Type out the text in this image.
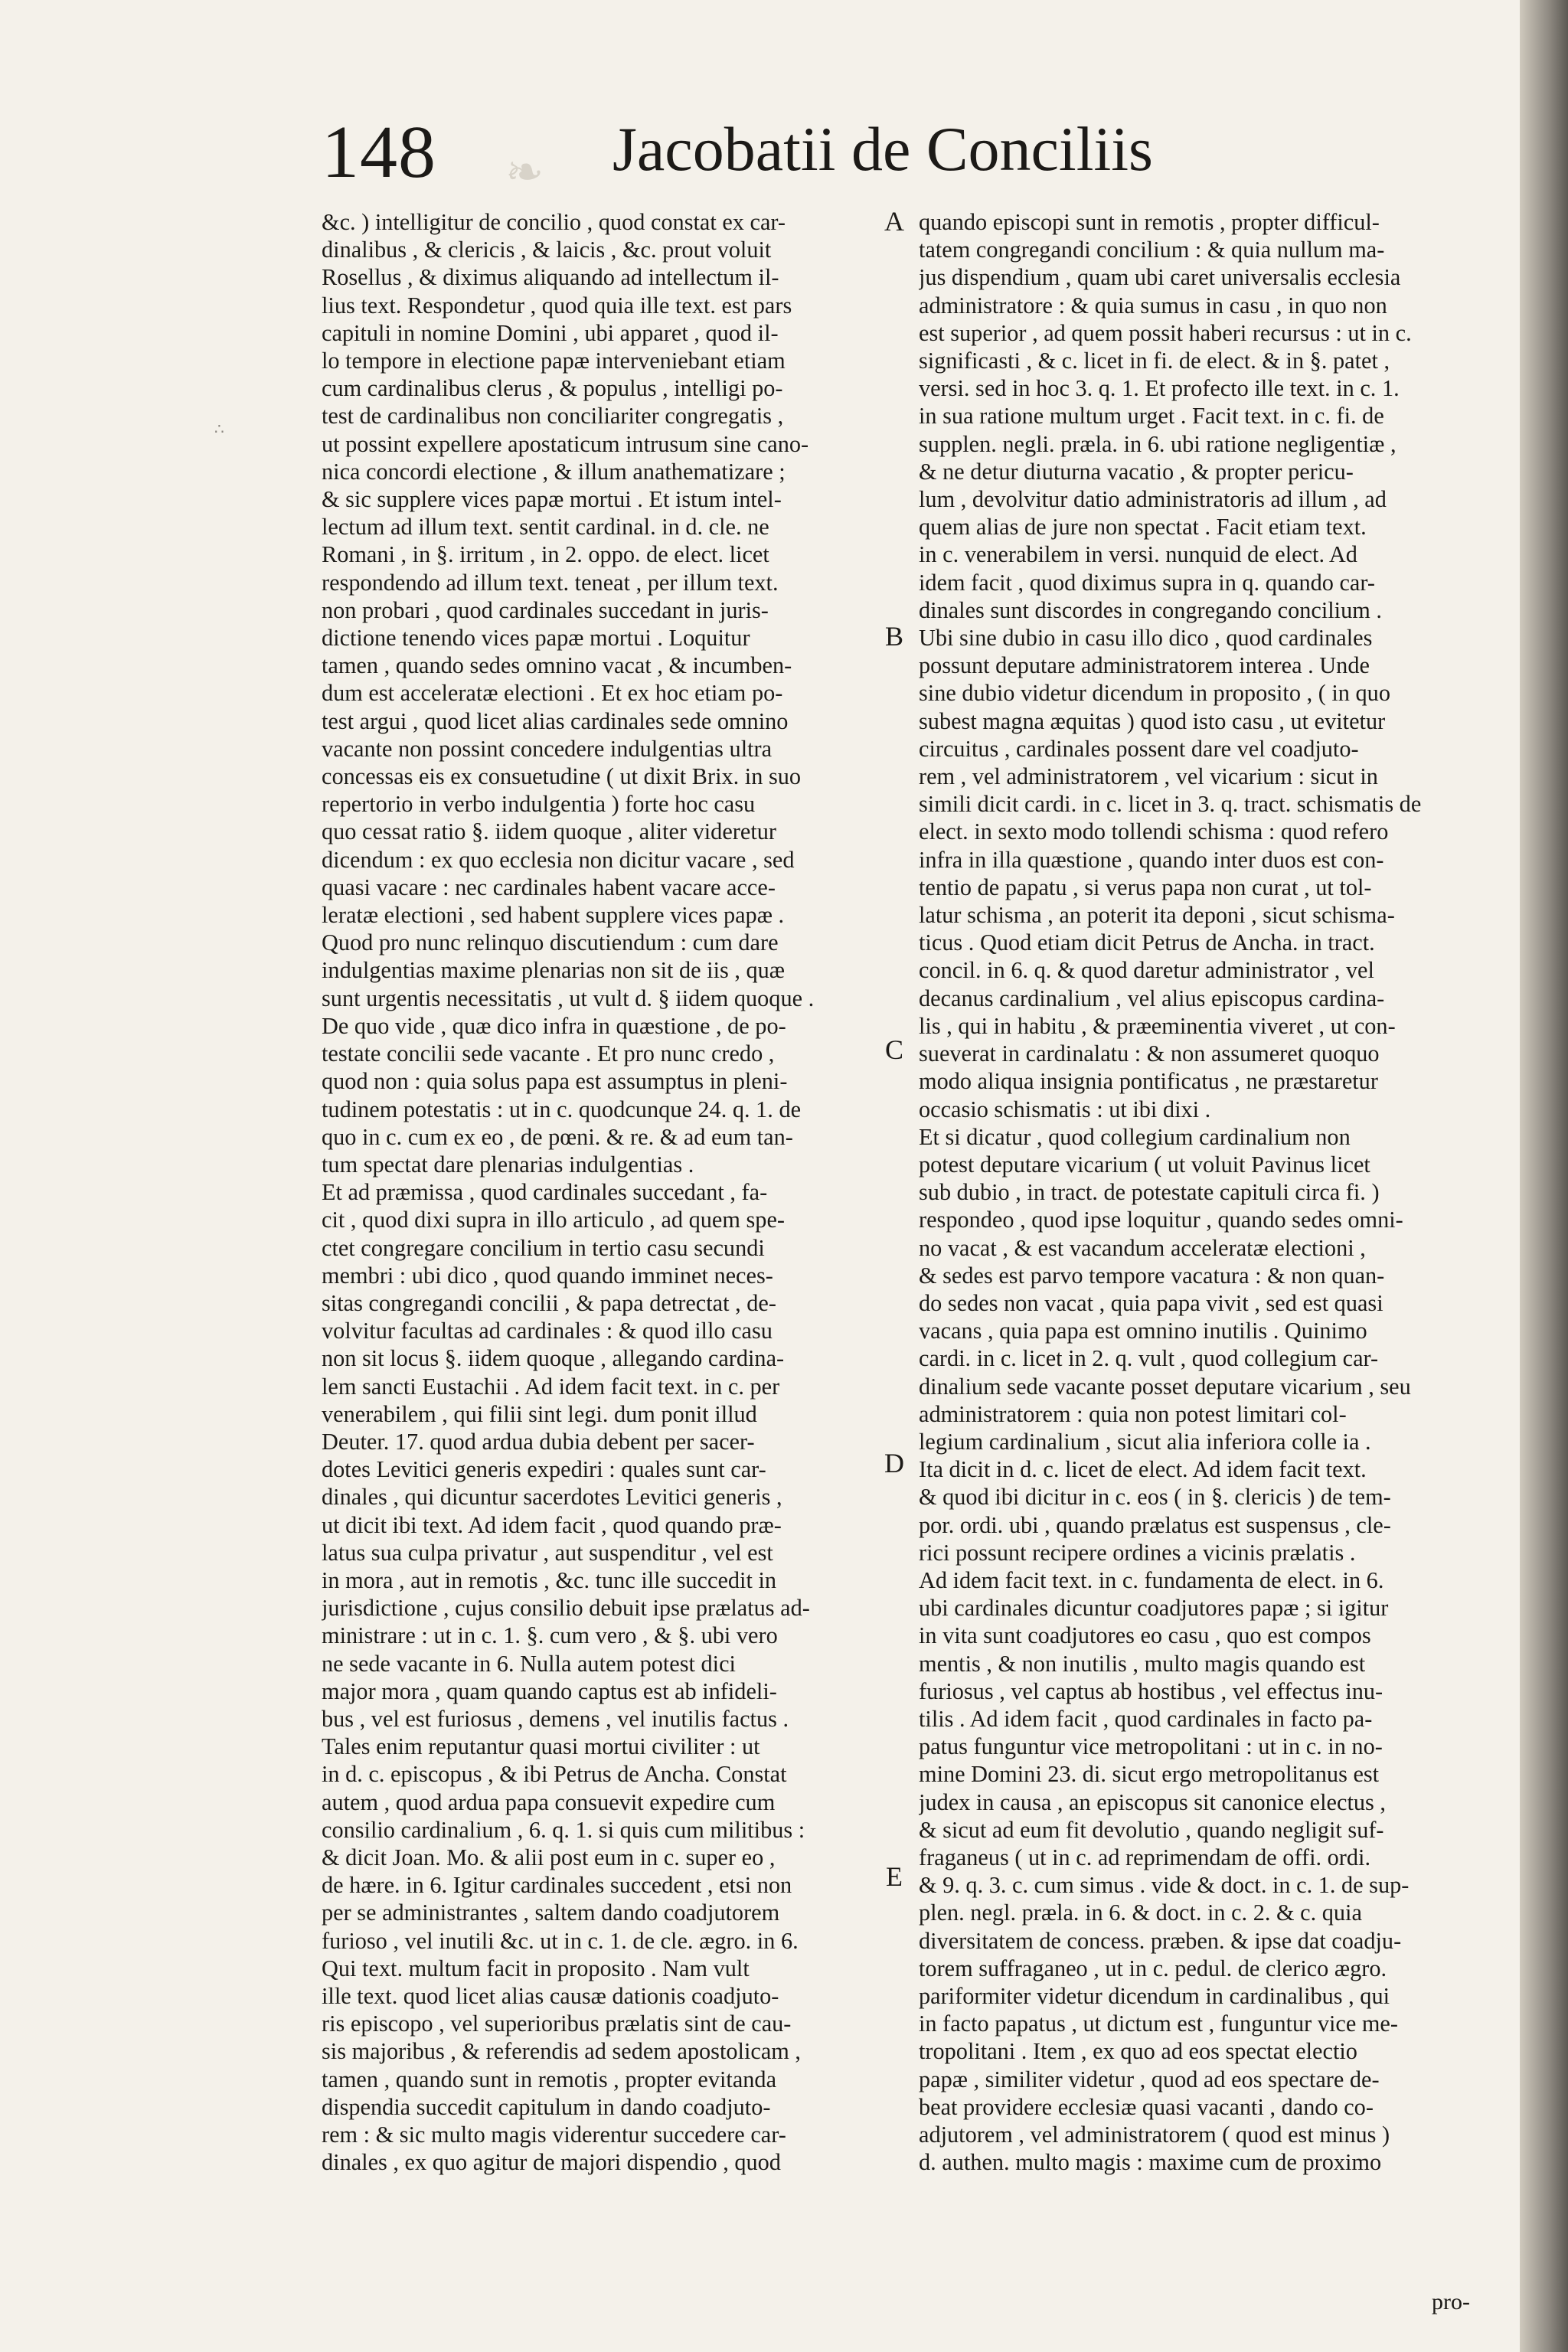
❧
∴
148	Jacobatii de Conciliis
&c. ) intelligitur de concilio , quod constat ex car-
dinalibus , & clericis , & laicis , &c. prout voluit
Rosellus , & diximus aliquando ad intellectum il-
lius text. Respondetur , quod quia ille text. est pars
capituli in nomine Domini , ubi apparet , quod il-
lo tempore in electione papæ interveniebant etiam
cum cardinalibus clerus , & populus , intelligi po-
test de cardinalibus non conciliariter congregatis ,
ut possint expellere apostaticum intrusum sine cano-
nica concordi electione , & illum anathematizare ;
& sic supplere vices papæ mortui . Et istum intel-
lectum ad illum text. sentit cardinal. in d. cle. ne
Romani , in §. irritum , in 2. oppo. de elect. licet
respondendo ad illum text. teneat , per illum text.
non probari , quod cardinales succedant in juris-
dictione tenendo vices papæ mortui . Loquitur
tamen , quando sedes omnino vacat , & incumben-
dum est acceleratæ electioni . Et ex hoc etiam po-
test argui , quod licet alias cardinales sede omnino
vacante non possint concedere indulgentias ultra
concessas eis ex consuetudine ( ut dixit Brix. in suo
repertorio in verbo indulgentia ) forte hoc casu
quo cessat ratio §. iidem quoque , aliter videretur
dicendum : ex quo ecclesia non dicitur vacare , sed
quasi vacare : nec cardinales habent vacare acce-
leratæ electioni , sed habent supplere vices papæ .
Quod pro nunc relinquo discutiendum : cum dare
indulgentias maxime plenarias non sit de iis , quæ
sunt urgentis necessitatis , ut vult d. § iidem quoque .
De quo vide , quæ dico infra in quæstione , de po-
testate concilii sede vacante . Et pro nunc credo ,
quod non : quia solus papa est assumptus in pleni-
tudinem potestatis : ut in c. quodcunque 24. q. 1. de
quo in c. cum ex eo , de pœni. & re. & ad eum tan-
tum spectat dare plenarias indulgentias .
Et ad præmissa , quod cardinales succedant , fa-
cit , quod dixi supra in illo articulo , ad quem spe-
ctet congregare concilium in tertio casu secundi
membri : ubi dico , quod quando imminet neces-
sitas congregandi concilii , & papa detrectat , de-
volvitur facultas ad cardinales : & quod illo casu
non sit locus §. iidem quoque , allegando cardina-
lem sancti Eustachii . Ad idem facit text. in c. per
venerabilem , qui filii sint legi. dum ponit illud
Deuter. 17. quod ardua dubia debent per sacer-
dotes Levitici generis expediri : quales sunt car-
dinales , qui dicuntur sacerdotes Levitici generis ,
ut dicit ibi text. Ad idem facit , quod quando præ-
latus sua culpa privatur , aut suspenditur , vel est
in mora , aut in remotis , &c. tunc ille succedit in
jurisdictione , cujus consilio debuit ipse prælatus ad-
ministrare : ut in c. 1. §. cum vero , & §. ubi vero
ne sede vacante in 6. Nulla autem potest dici
major mora , quam quando captus est ab infideli-
bus , vel est furiosus , demens , vel inutilis factus .
Tales enim reputantur quasi mortui civiliter : ut
in d. c. episcopus , & ibi Petrus de Ancha. Constat
autem , quod ardua papa consuevit expedire cum
consilio cardinalium , 6. q. 1. si quis cum militibus :
& dicit Joan. Mo. & alii post eum in c. super eo ,
de hære. in 6. Igitur cardinales succedent , etsi non
per se administrantes , saltem dando coadjutorem
furioso , vel inutili &c. ut in c. 1. de cle. ægro. in 6.
Qui text. multum facit in proposito . Nam vult
ille text. quod licet alias causæ dationis coadjuto-
ris episcopo , vel superioribus prælatis sint de cau-
sis majoribus , & referendis ad sedem apostolicam ,
tamen , quando sunt in remotis , propter evitanda
dispendia succedit capitulum in dando coadjuto-
rem : & sic multo magis viderentur succedere car-
dinales , ex quo agitur de majori dispendio , quod
quando episcopi sunt in remotis , propter difficul-
tatem congregandi concilium : & quia nullum ma-
jus dispendium , quam ubi caret universalis ecclesia
administratore : & quia sumus in casu , in quo non
est superior , ad quem possit haberi recursus : ut in c.
significasti , & c. licet in fi. de elect. & in §. patet ,
versi. sed in hoc 3. q. 1. Et profecto ille text. in c. 1.
in sua ratione multum urget . Facit text. in c. fi. de
supplen. negli. præla. in 6. ubi ratione negligentiæ ,
& ne detur diuturna vacatio , & propter pericu-
lum , devolvitur datio administratoris ad illum , ad
quem alias de jure non spectat . Facit etiam text.
in c. venerabilem in versi. nunquid de elect. Ad
idem facit , quod diximus supra in q. quando car-
dinales sunt discordes in congregando concilium .
Ubi sine dubio in casu illo dico , quod cardinales
possunt deputare administratorem interea . Unde
sine dubio videtur dicendum in proposito , ( in quo
subest magna æquitas ) quod isto casu , ut evitetur
circuitus , cardinales possent dare vel coadjuto-
rem , vel administratorem , vel vicarium : sicut in
simili dicit cardi. in c. licet in 3. q. tract. schismatis de
elect. in sexto modo tollendi schisma : quod refero
infra in illa quæstione , quando inter duos est con-
tentio de papatu , si verus papa non curat , ut tol-
latur schisma , an poterit ita deponi , sicut schisma-
ticus . Quod etiam dicit Petrus de Ancha. in tract.
concil. in 6. q. & quod daretur administrator , vel
decanus cardinalium , vel alius episcopus cardina-
lis , qui in habitu , & præeminentia viveret , ut con-
sueverat in cardinalatu : & non assumeret quoquo
modo aliqua insignia pontificatus , ne præstaretur
occasio schismatis : ut ibi dixi .
Et si dicatur , quod collegium cardinalium non
potest deputare vicarium ( ut voluit Pavinus licet
sub dubio , in tract. de potestate capituli circa fi. )
respondeo , quod ipse loquitur , quando sedes omni-
no vacat , & est vacandum acceleratæ electioni ,
& sedes est parvo tempore vacatura : & non quan-
do sedes non vacat , quia papa vivit , sed est quasi
vacans , quia papa est omnino inutilis . Quinimo
cardi. in c. licet in 2. q. vult , quod collegium car-
dinalium sede vacante posset deputare vicarium , seu
administratorem : quia non potest limitari col-
legium cardinalium , sicut alia inferiora colle ia .
Ita dicit in d. c. licet de elect. Ad idem facit text.
& quod ibi dicitur in c. eos ( in §. clericis ) de tem-
por. ordi. ubi , quando prælatus est suspensus , cle-
rici possunt recipere ordines a vicinis prælatis .
Ad idem facit text. in c. fundamenta de elect. in 6.
ubi cardinales dicuntur coadjutores papæ ; si igitur
in vita sunt coadjutores eo casu , quo est compos
mentis , & non inutilis , multo magis quando est
furiosus , vel captus ab hostibus , vel effectus inu-
tilis . Ad idem facit , quod cardinales in facto pa-
patus funguntur vice metropolitani : ut in c. in no-
mine Domini 23. di. sicut ergo metropolitanus est
judex in causa , an episcopus sit canonice electus ,
& sicut ad eum fit devolutio , quando negligit suf-
fraganeus ( ut in c. ad reprimendam de offi. ordi.
& 9. q. 3. c. cum simus . vide & doct. in c. 1. de sup-
plen. negl. præla. in 6. & doct. in c. 2. & c. quia
diversitatem de concess. præben. & ipse dat coadju-
torem suffraganeo , ut in c. pedul. de clerico ægro.
pariformiter videtur dicendum in cardinalibus , qui
in facto papatus , ut dictum est , funguntur vice me-
tropolitani . Item , ex quo ad eos spectat electio
papæ , similiter videtur , quod ad eos spectare de-
beat providere ecclesiæ quasi vacanti , dando co-
adjutorem , vel administratorem ( quod est minus )
d. authen. multo magis : maxime cum de proximo
A
B
C
D
E
pro-
